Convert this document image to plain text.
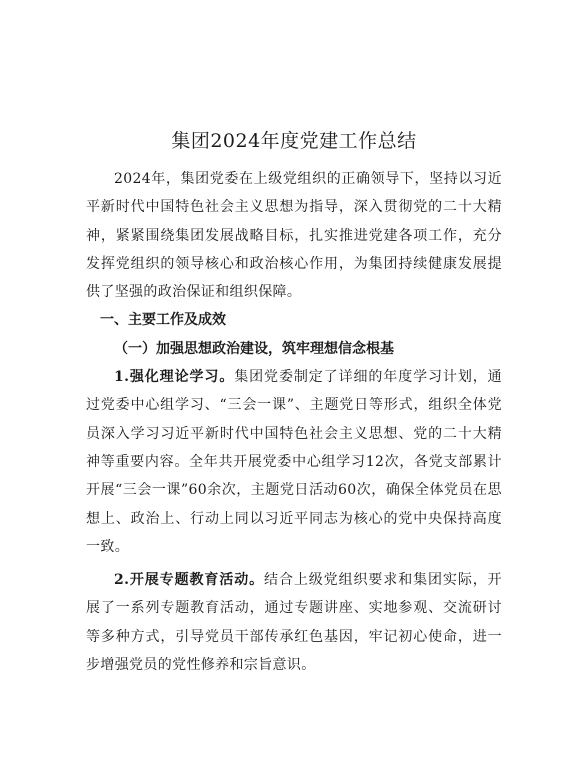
集团2024年度党建工作总结

2024年，集团党委在上级党组织的正确领导下，坚持以习近平新时代中国特色社会主义思想为指导，深入贯彻党的二十大精神，紧紧围绕集团发展战略目标，扎实推进党建各项工作，充分发挥党组织的领导核心和政治核心作用，为集团持续健康发展提供了坚强的政治保证和组织保障。

一、主要工作及成效

（一）加强思想政治建设，筑牢理想信念根基

1.强化理论学习。集团党委制定了详细的年度学习计划，通过党委中心组学习、“三会一课”、主题党日等形式，组织全体党员深入学习习近平新时代中国特色社会主义思想、党的二十大精神等重要内容。全年共开展党委中心组学习12次，各党支部累计开展“三会一课”60余次，主题党日活动60次，确保全体党员在思想上、政治上、行动上同以习近平同志为核心的党中央保持高度一致。

2.开展专题教育活动。结合上级党组织要求和集团实际，开展了一系列专题教育活动，通过专题讲座、实地参观、交流研讨等多种方式，引导党员干部传承红色基因，牢记初心使命，进一步增强党员的党性修养和宗旨意识。
